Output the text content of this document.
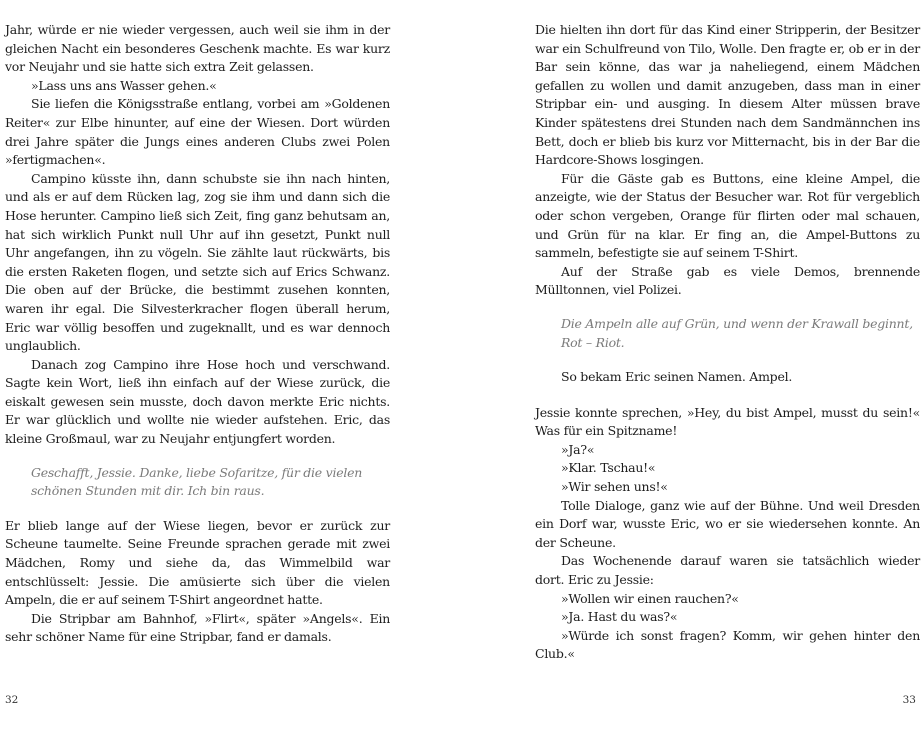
Jahr, würde er nie wieder vergessen, auch weil sie ihm in der gleichen Nacht ein besonderes Geschenk machte. Es war kurz vor Neujahr und sie hatte sich extra Zeit gelassen.

»Lass uns ans Wasser gehen.«

Sie liefen die Königsstraße entlang, vorbei am »Goldenen Reiter« zur Elbe hinunter, auf eine der Wiesen. Dort würden drei Jahre später die Jungs eines anderen Clubs zwei Polen »fertigmachen«.

Campino küsste ihn, dann schubste sie ihn nach hinten, und als er auf dem Rücken lag, zog sie ihm und dann sich die Hose herunter. Campino ließ sich Zeit, fing ganz behutsam an, hat sich wirklich Punkt null Uhr auf ihn gesetzt, Punkt null Uhr angefangen, ihn zu vögeln. Sie zählte laut rückwärts, bis die ersten Raketen flogen, und setzte sich auf Erics Schwanz. Die oben auf der Brücke, die bestimmt zusehen konnten, waren ihr egal. Die Silvesterkracher flogen überall herum, Eric war völlig besoffen und zugeknallt, und es war dennoch unglaublich.

Danach zog Campino ihre Hose hoch und verschwand. Sagte kein Wort, ließ ihn einfach auf der Wiese zurück, die eiskalt gewesen sein musste, doch davon merkte Eric nichts. Er war glücklich und wollte nie wieder aufstehen. Eric, das kleine Großmaul, war zu Neujahr entjungfert worden.

Geschafft, Jessie. Danke, liebe Sofaritze, für die vielen

schönen Stunden mit dir. Ich bin raus.

Er blieb lange auf der Wiese liegen, bevor er zurück zur Scheune taumelte. Seine Freunde sprachen gerade mit zwei Mädchen, Romy und siehe da, das Wimmelbild war entschlüsselt: Jessie. Die amüsierte sich über die vielen Ampeln, die er auf seinem T-Shirt angeordnet hatte.

Die Stripbar am Bahnhof, »Flirt«, später »Angels«. Ein sehr schöner Name für eine Stripbar, fand er damals.

32

Die hielten ihn dort für das Kind einer Stripperin, der Besitzer war ein Schulfreund von Tilo, Wolle. Den fragte er, ob er in der Bar sein könne, das war ja naheliegend, einem Mädchen gefallen zu wollen und damit anzugeben, dass man in einer Stripbar ein- und ausging. In diesem Alter müssen brave Kinder spätestens drei Stunden nach dem Sandmännchen ins Bett, doch er blieb bis kurz vor Mitternacht, bis in der Bar die Hardcore-Shows losgingen.

Für die Gäste gab es Buttons, eine kleine Ampel, die anzeigte, wie der Status der Besucher war. Rot für vergeblich oder schon vergeben, Orange für flirten oder mal schauen, und Grün für na klar. Er fing an, die Ampel-Buttons zu sammeln, befestigte sie auf seinem T-Shirt.

Auf der Straße gab es viele Demos, brennende Mülltonnen, viel Polizei.

Die Ampeln alle auf Grün, und wenn der Krawall beginnt,

Rot – Riot.

So bekam Eric seinen Namen. Ampel.

Jessie konnte sprechen, »Hey, du bist Ampel, musst du sein!« Was für ein Spitzname!

»Ja?«

»Klar. Tschau!«

»Wir sehen uns!«

Tolle Dialoge, ganz wie auf der Bühne. Und weil Dresden ein Dorf war, wusste Eric, wo er sie wiedersehen konnte. An der Scheune.

Das Wochenende darauf waren sie tatsächlich wieder dort. Eric zu Jessie:

»Wollen wir einen rauchen?«

»Ja. Hast du was?«

»Würde ich sonst fragen? Komm, wir gehen hinter den Club.«

33
